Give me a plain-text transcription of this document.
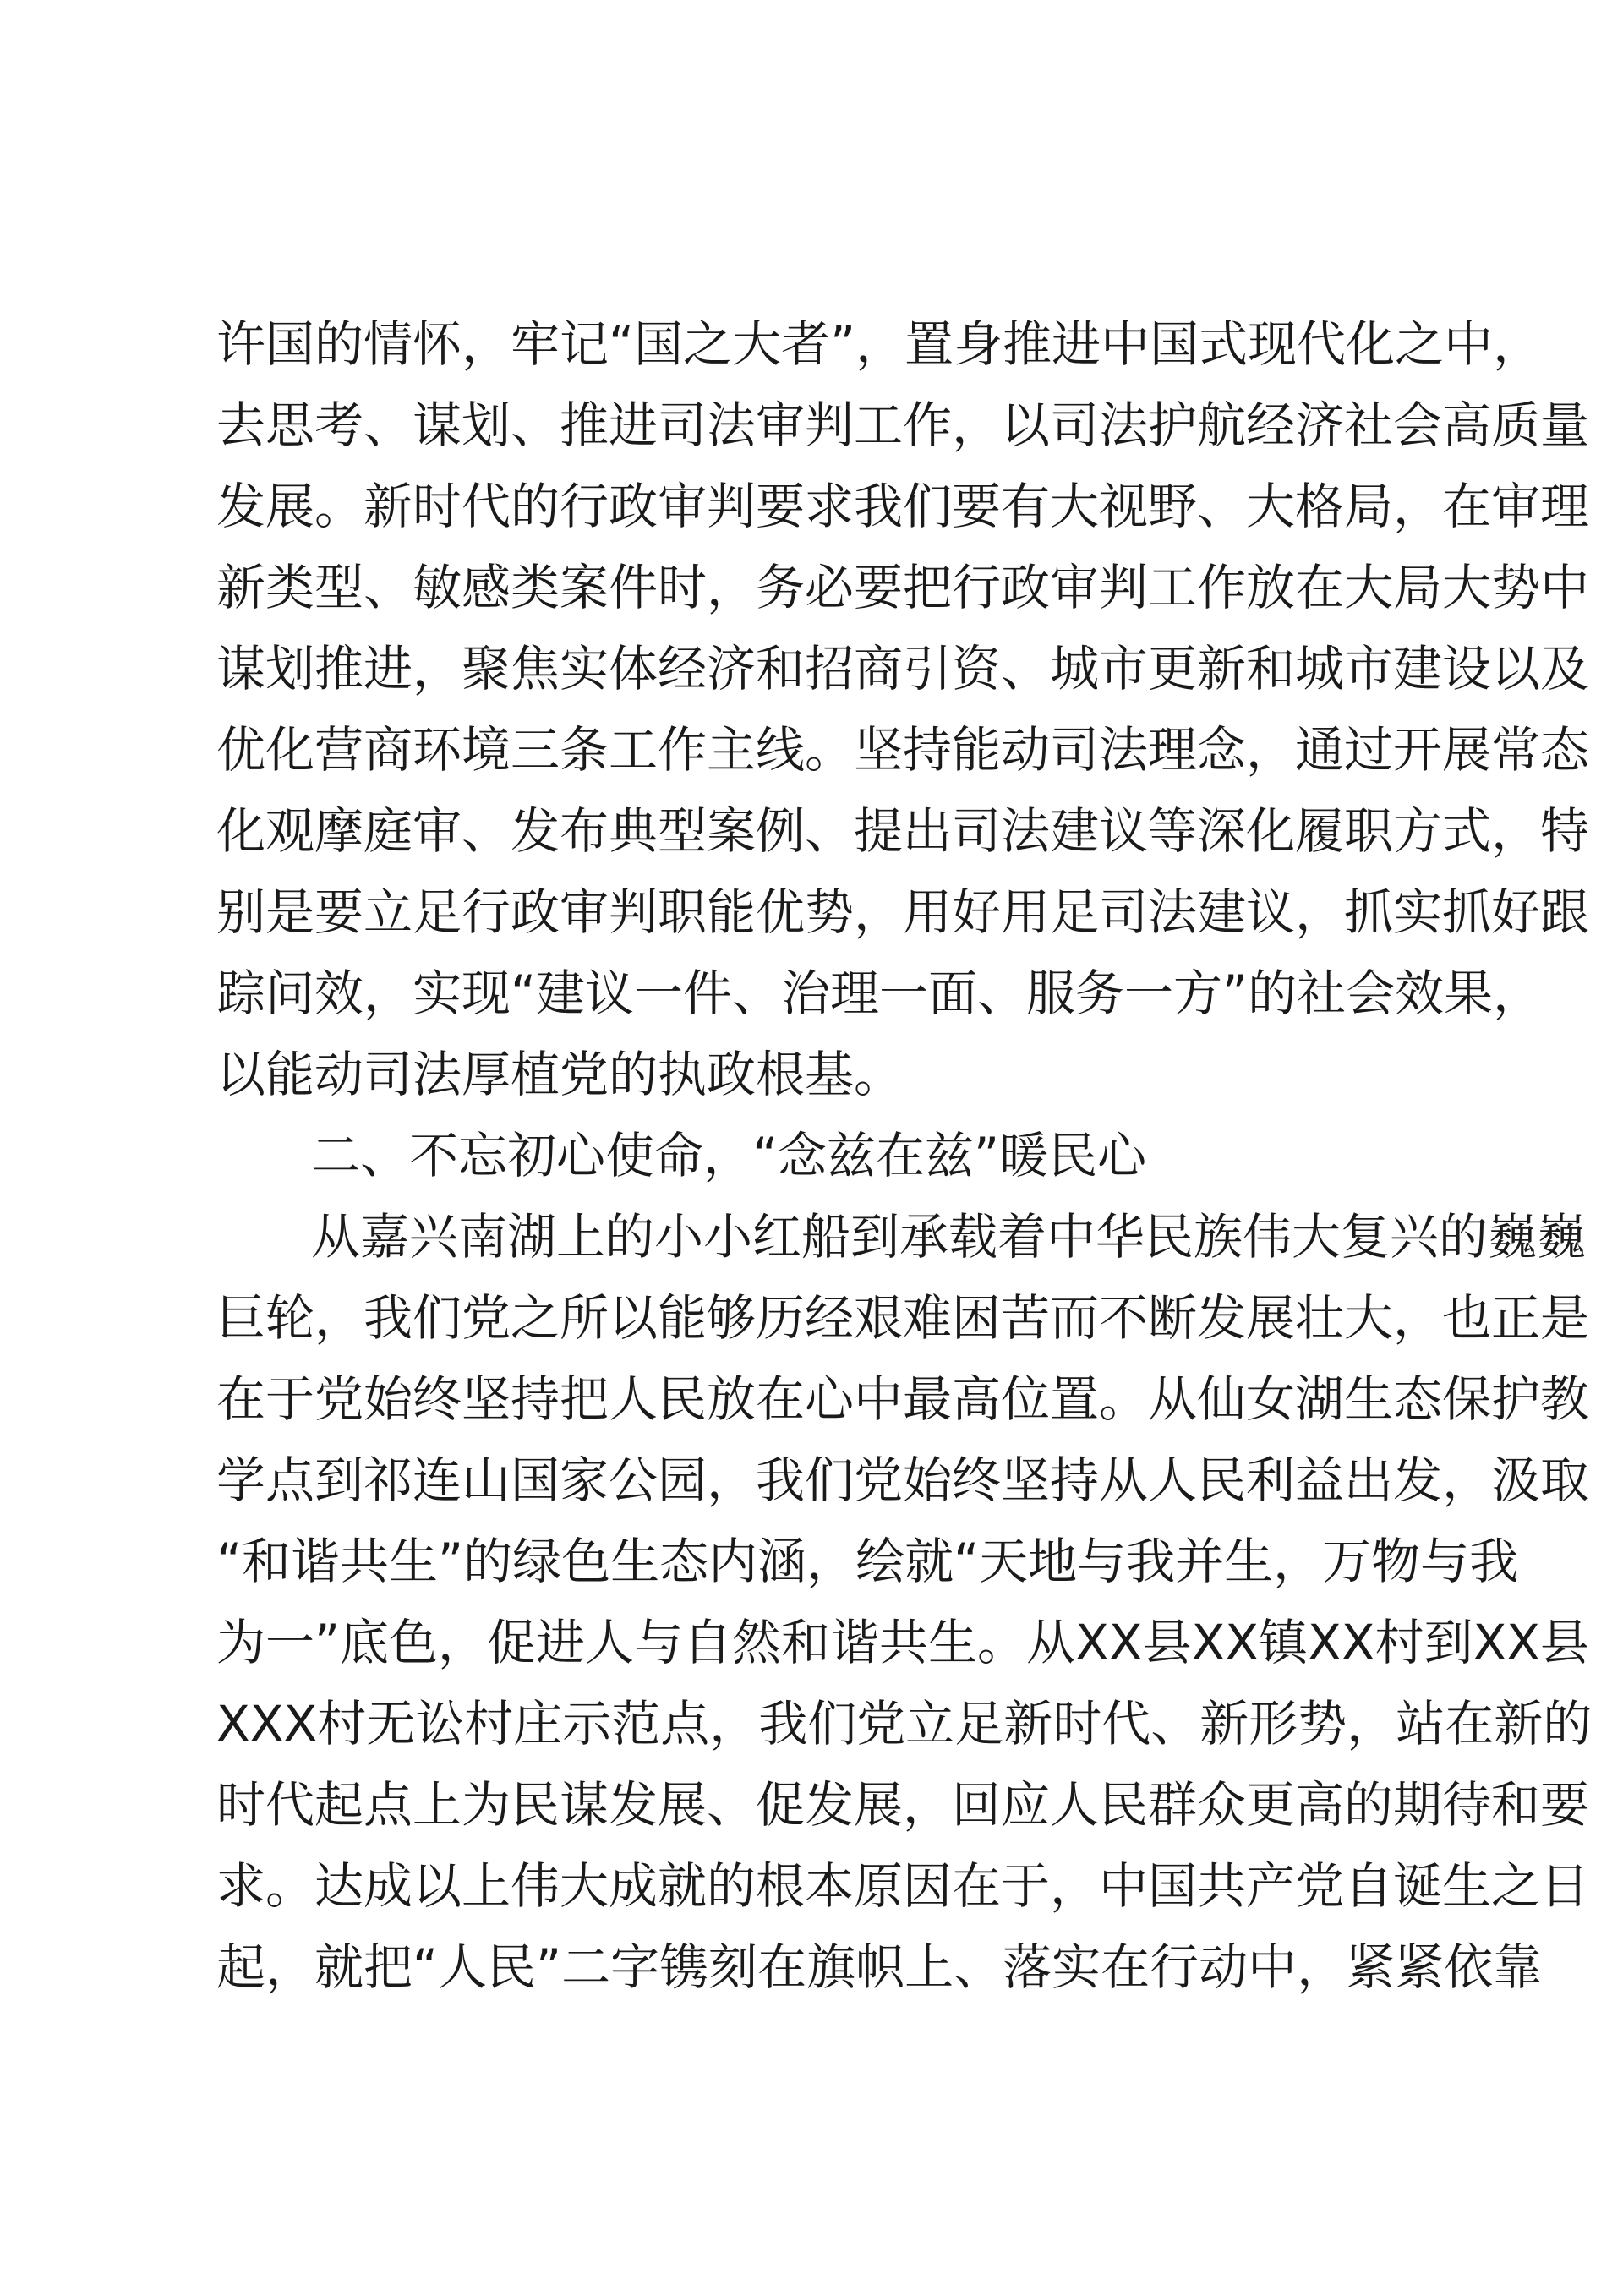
许国的情怀，牢记“国之大者”，置身推进中国式现代化之中，
去思考、谋划、推进司法审判工作，以司法护航经济社会高质量
发展。新时代的行政审判要求我们要有大视野、大格局，在审理
新类型、敏感类案件时，务必要把行政审判工作放在大局大势中
谋划推进，聚焦实体经济和招商引资、城市更新和城市建设以及
优化营商环境三条工作主线。坚持能动司法理念，通过开展常态
化观摩庭审、发布典型案例、提出司法建议等深化履职方式，特
别是要立足行政审判职能优势，用好用足司法建议，抓实抓好跟
踪问效，实现“建议一件、治理一面、服务一方”的社会效果，
以能动司法厚植党的执政根基。
二、不忘初心使命，“念兹在兹”暖民心
从嘉兴南湖上的小小红船到承载着中华民族伟大复兴的巍巍
巨轮，我们党之所以能够历经艰难困苦而不断发展壮大，也正是
在于党始终坚持把人民放在心中最高位置。从仙女湖生态保护教
学点到祁连山国家公园，我们党始终坚持从人民利益出发，汲取
“和谐共生”的绿色生态内涵，绘就“天地与我并生，万物与我
为一”底色，促进人与自然和谐共生。从XX县XX镇XX村到XX县
XXX村无讼村庄示范点，我们党立足新时代、新形势，站在新的
时代起点上为民谋发展、促发展，回应人民群众更高的期待和要
求。达成以上伟大成就的根本原因在于，中国共产党自诞生之日
起，就把“人民”二字镌刻在旗帜上、落实在行动中，紧紧依靠
